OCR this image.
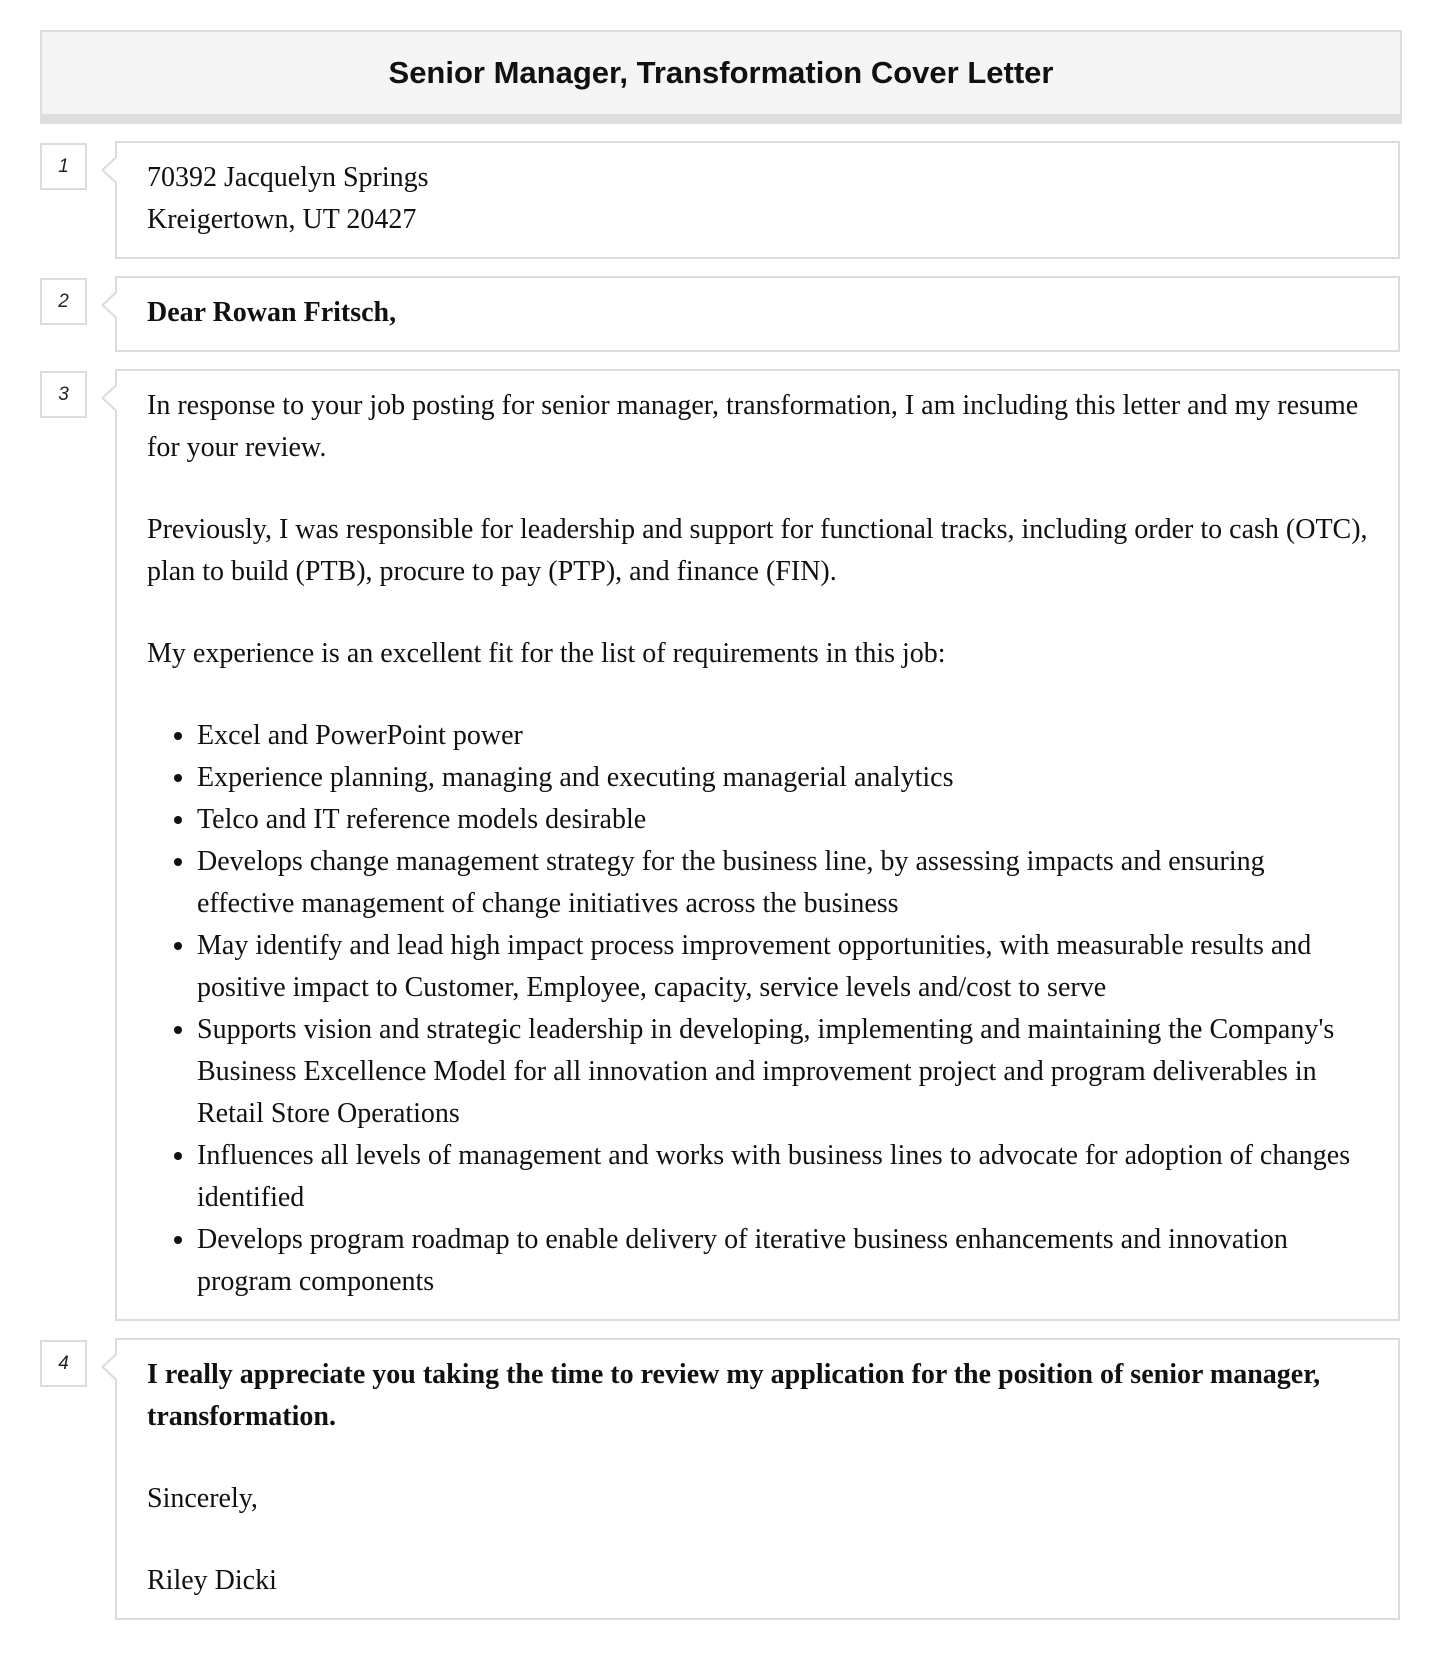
Senior Manager, Transformation Cover Letter
1	70392 Jacquelyn Springs
Kreigertown, UT 20427
2	Dear Rowan Fritsch,

3	In response to your job posting for senior manager, transformation, I am including this letter and my resume for your review.

Previously, I was responsible for leadership and support for functional tracks, including order to cash (OTC), plan to build (PTB), procure to pay (PTP), and finance (FIN).

My experience is an excellent fit for the list of requirements in this job:

• Excel and PowerPoint power
• Experience planning, managing and executing managerial analytics
• Telco and IT reference models desirable
• Develops change management strategy for the business line, by assessing impacts and ensuring effective management of change initiatives across the business
• May identify and lead high impact process improvement opportunities, with measurable results and positive impact to Customer, Employee, capacity, service levels and/cost to serve
• Supports vision and strategic leadership in developing, implementing and maintaining the Company's Business Excellence Model for all innovation and improvement project and program deliverables in Retail Store Operations
• Influences all levels of management and works with business lines to advocate for adoption of changes identified
• Develops program roadmap to enable delivery of iterative business enhancements and innovation program components
4	I really appreciate you taking the time to review my application for the position of senior manager, transformation.

Sincerely,

Riley Dicki
